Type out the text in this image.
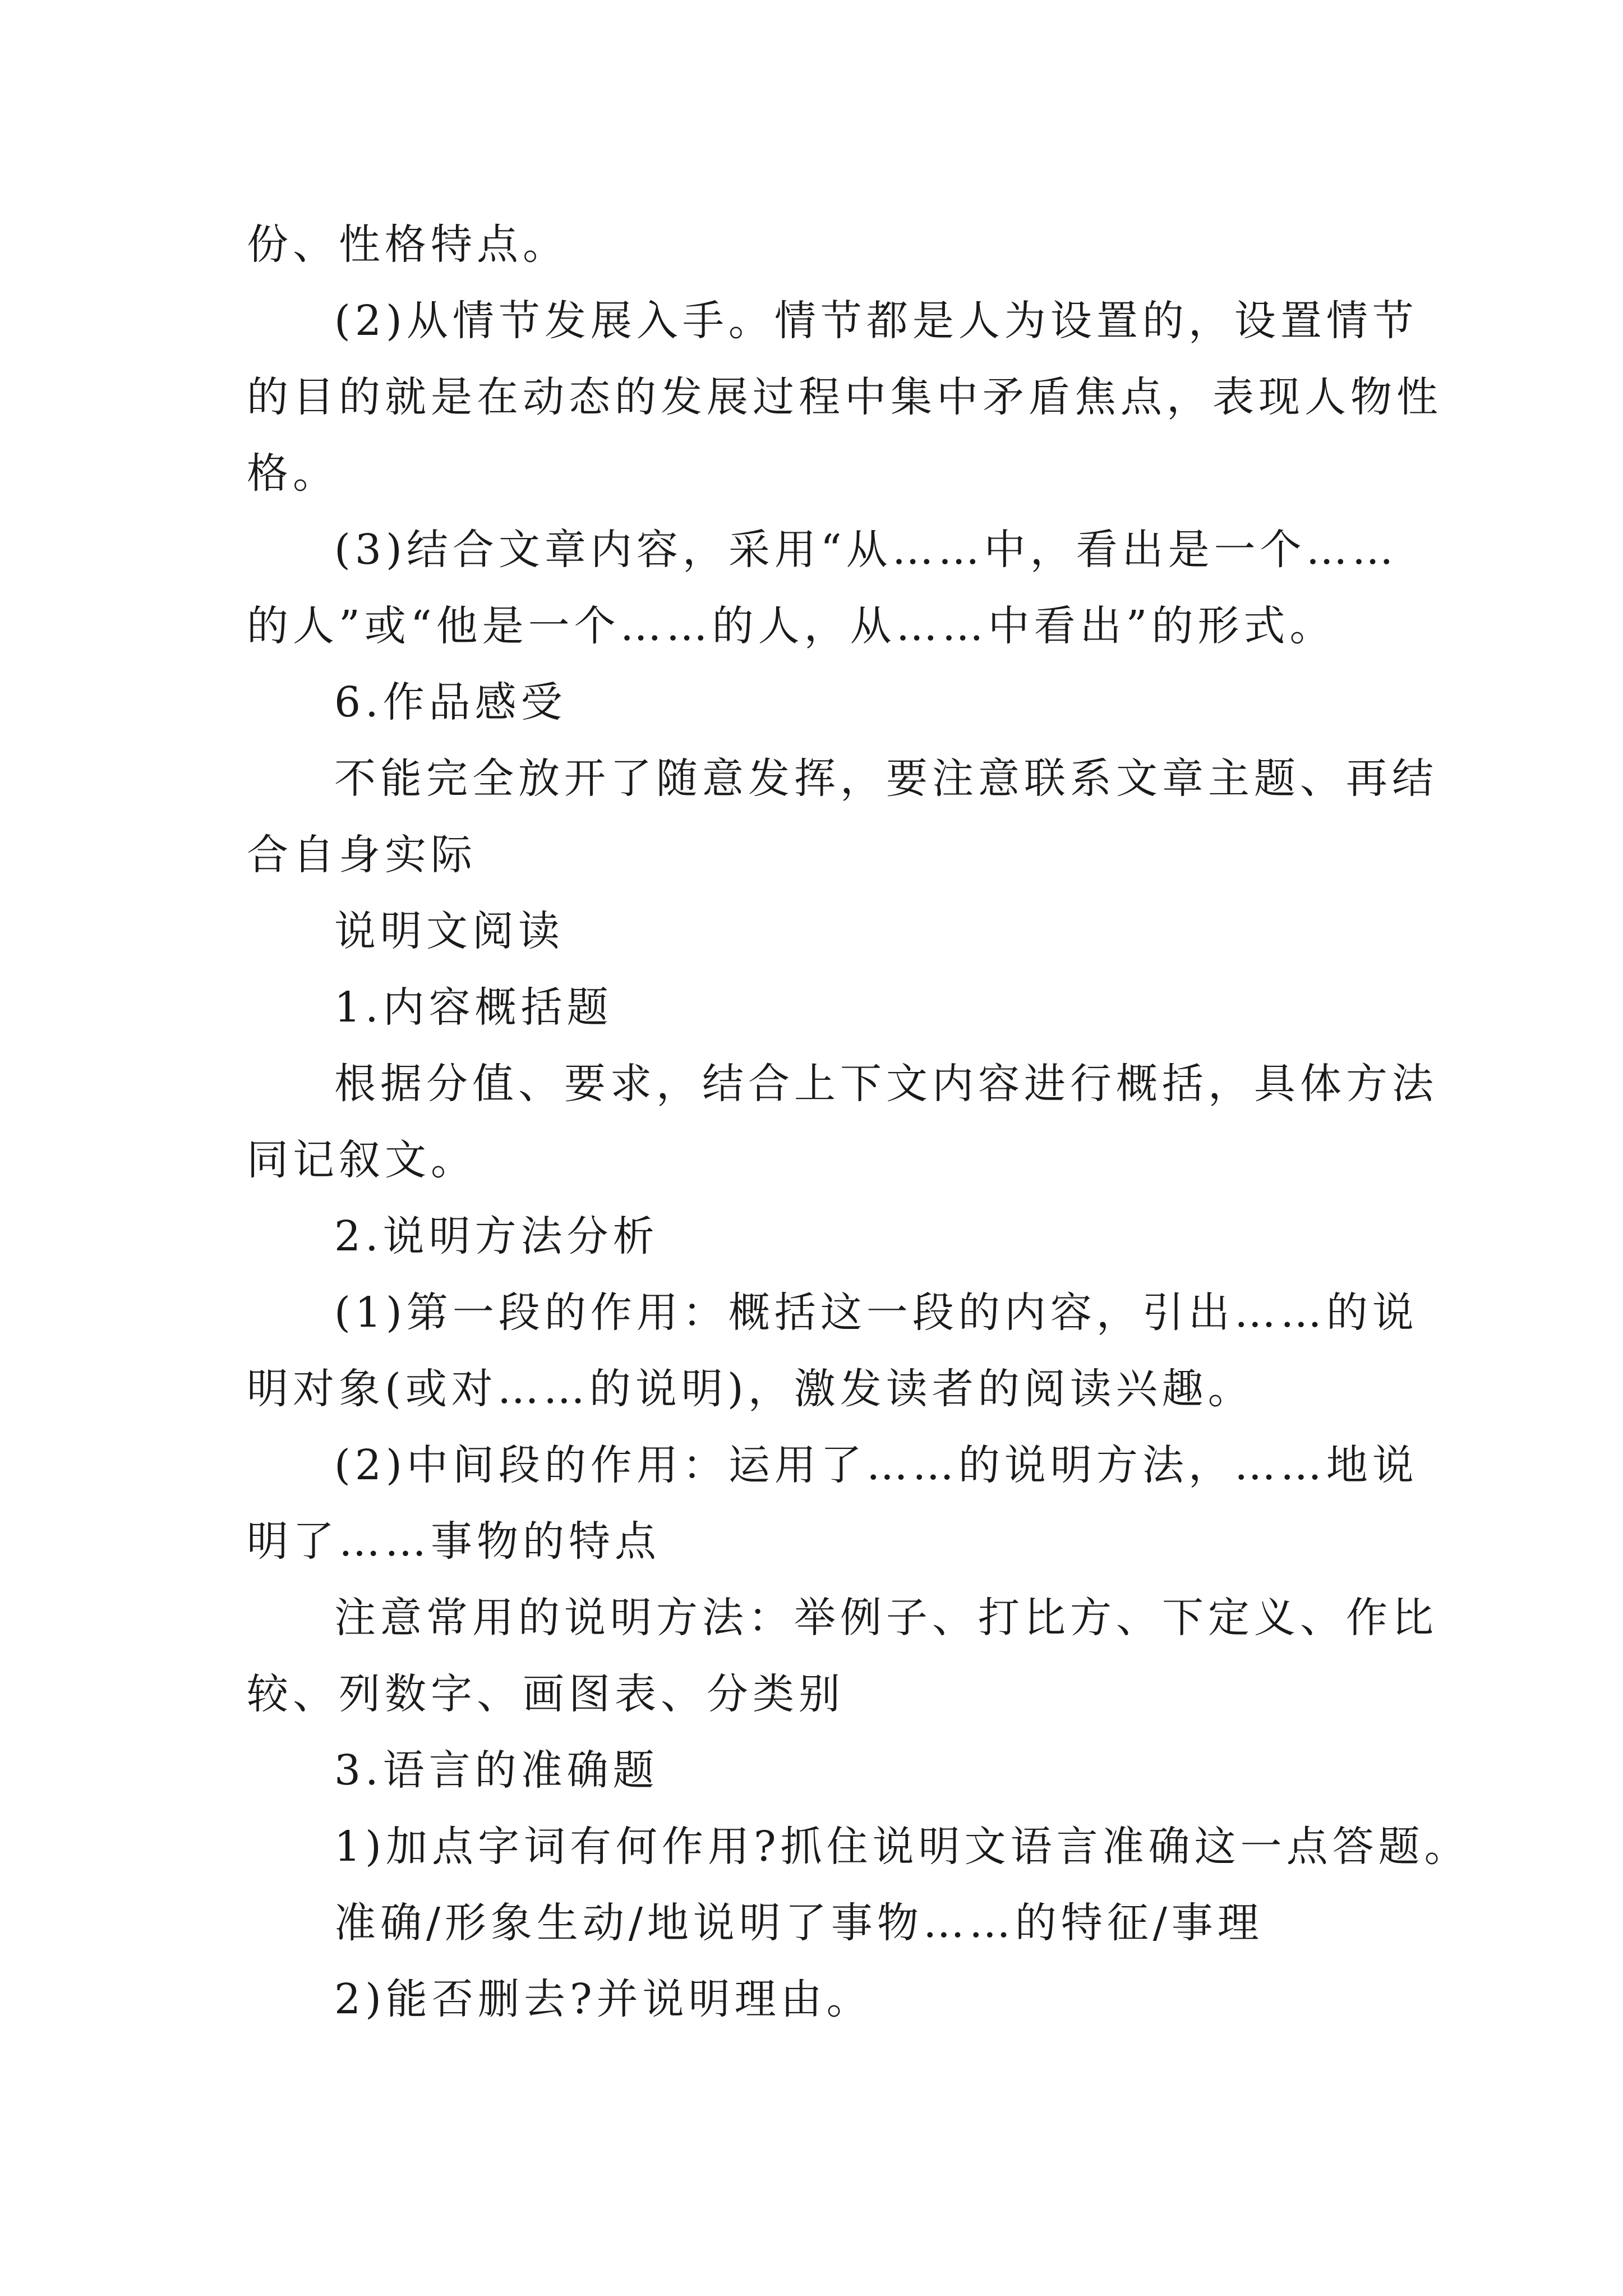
份、性格特点。
(2)从情节发展入手。情节都是人为设置的，设置情节
的目的就是在动态的发展过程中集中矛盾焦点，表现人物性
格。
(3)结合文章内容，采用“从……中，看出是一个……
的人”或“他是一个……的人，从……中看出”的形式。
6.作品感受
不能完全放开了随意发挥，要注意联系文章主题、再结
合自身实际
说明文阅读
1.内容概括题
根据分值、要求，结合上下文内容进行概括，具体方法
同记叙文。
2.说明方法分析
(1)第一段的作用：概括这一段的内容，引出……的说
明对象(或对……的说明)，激发读者的阅读兴趣。
(2)中间段的作用：运用了……的说明方法，……地说
明了……事物的特点
注意常用的说明方法：举例子、打比方、下定义、作比
较、列数字、画图表、分类别
3.语言的准确题
1)加点字词有何作用?抓住说明文语言准确这一点答题。
准确/形象生动/地说明了事物……的特征/事理
2)能否删去?并说明理由。
